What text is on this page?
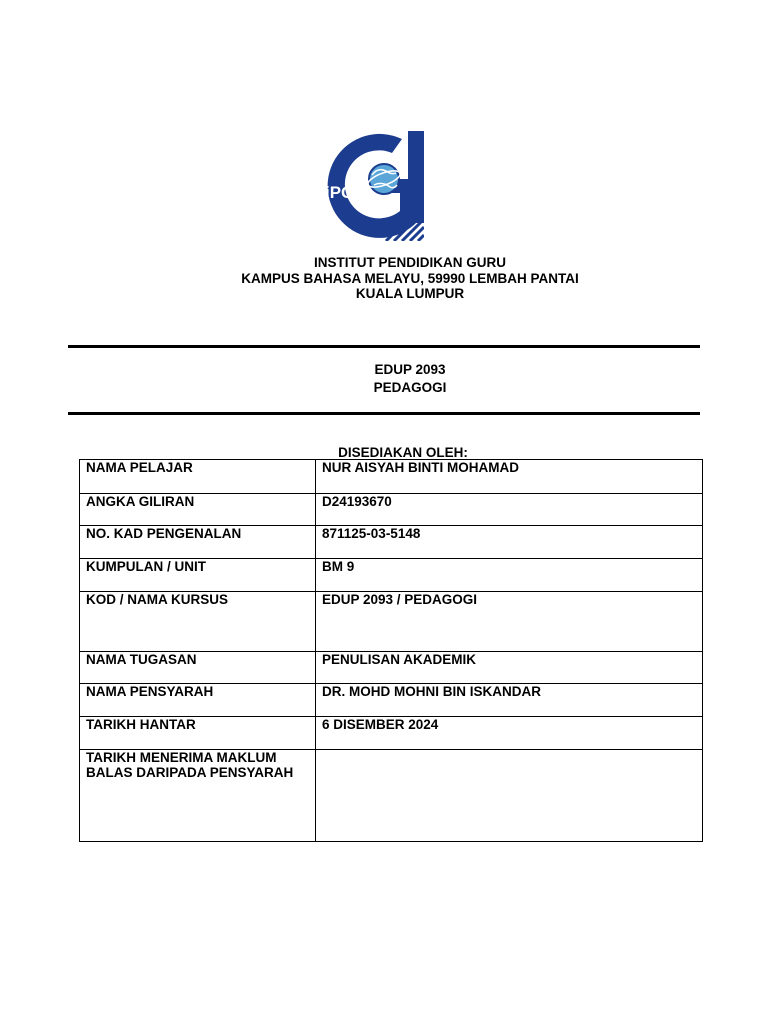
iPG
INSTITUT PENDIDIKAN GURU
KAMPUS BAHASA MELAYU, 59990 LEMBAH PANTAI
KUALA LUMPUR
EDUP 2093
PEDAGOGI
DISEDIAKAN OLEH:
NAMA PELAJAR	NUR AISYAH BINTI MOHAMAD
ANGKA GILIRAN	D24193670
NO. KAD PENGENALAN	871125-03-5148
KUMPULAN / UNIT	BM 9
KOD / NAMA KURSUS	EDUP 2093 / PEDAGOGI
NAMA TUGASAN	PENULISAN AKADEMIK
NAMA PENSYARAH	DR. MOHD MOHNI BIN ISKANDAR
TARIKH HANTAR	6 DISEMBER 2024

TARIKH MENERIMA MAKLUM
BALAS DARIPADA PENSYARAH	
